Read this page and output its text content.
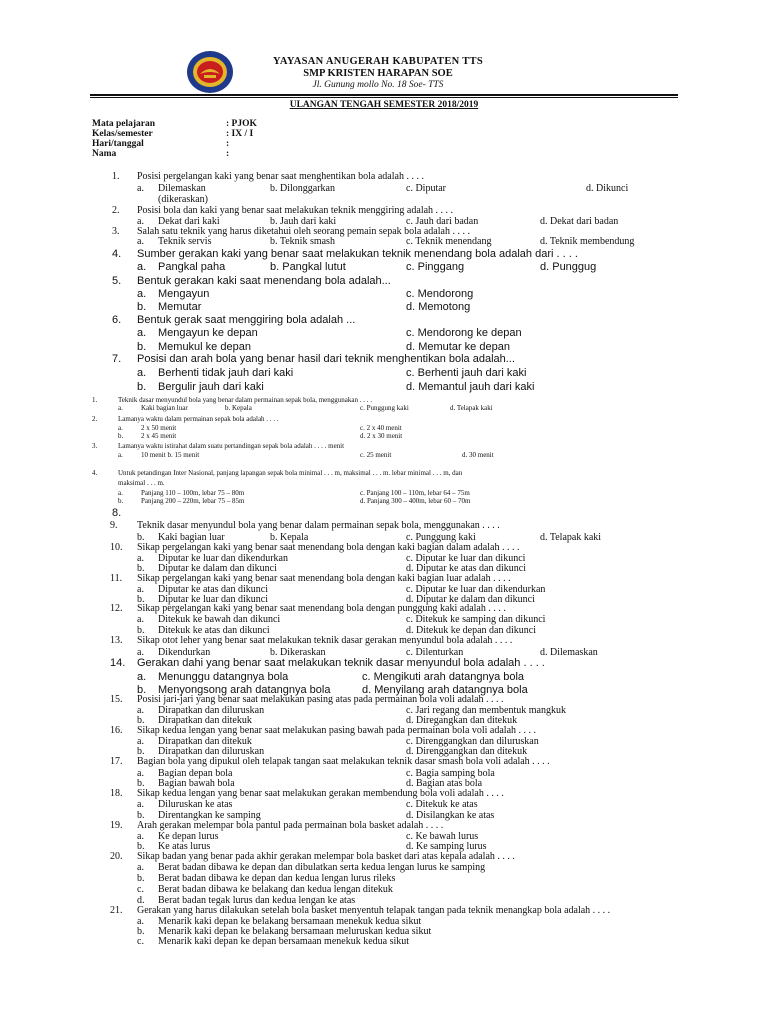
YAYASAN ANUGERAH KABUPATEN TTS
SMP KRISTEN HARAPAN SOE
Jl. Gunung mollo No. 18 Soe- TTS
ULANGAN TENGAH SEMESTER 2018/2019
Mata pelajaran	: PJOK
Kelas/semester	: IX / I
Hari/tanggal	:
Nama	:
1. Posisi pergelangan kaki yang benar saat menghentikan bola adalah . . . .
a. Dilemaskan	b. Dilonggarkan	c. Diputar	d. Dikunci
(dikeraskan)
2. Posisi bola dan kaki yang benar saat melakukan teknik menggiring adalah . . . .
a. Dekat dari kaki	b. Jauh dari kaki	c. Jauh dari badan	d. Dekat dari badan
3. Salah satu teknik yang harus diketahui oleh seorang pemain sepak bola adalah . . . .
a. Teknik servis	b. Teknik smash	c. Teknik menendang	d. Teknik membendung
4. Sumber gerakan kaki yang benar saat melakukan teknik menendang bola adalah dari . . . .
a. Pangkal paha	b. Pangkal lutut	c. Pinggang	d. Punggug
5. Bentuk gerakan kaki saat menendang bola adalah...
a. Mengayun	c. Mendorong
b. Memutar	d. Memotong
6. Bentuk gerak saat menggiring bola adalah ...
a. Mengayun ke depan	c. Mendorong ke depan
b. Memukul ke depan	d. Memutar ke depan
7. Posisi dan arah bola yang benar hasil dari teknik menghentikan bola adalah...
a. Berhenti tidak jauh dari kaki	c. Berhenti jauh dari kaki
b. Bergulir jauh dari kaki	d. Memantul jauh dari kaki
1.	Teknik dasar menyundul bola yang benar dalam permainan sepak bola, menggunakan . . . .
a.	Kaki bagian luar	b. Kepala	c. Punggung kaki	d. Telapak kaki
2.	Lamanya waktu dalam permainan sepak bola adalah . . . .
a.	2 x 50 menit	c. 2 x 40 menit
b.	2 x 45 menit	d. 2 x 30 menit
3.	Lamanya waktu istirahat dalam suatu pertandingan sepak bola adalah . . . . menit
a.	10 menit b. 15 menit	c. 25 menit	d. 30 menit
4.	Untuk petandingan Inter Nasional, panjang lapangan sepak bola minimal . . . m, maksimal . . . m. lebar minimal . . . m, dan
maksimal . . . m.
a.	Panjang 110 – 100m, lebar 75 – 80m	c. Panjang 100 – 110m, lebar 64 – 75m
b.	Panjang 200 – 220m, lebar 75 – 85m	d. Panjang 300 – 400m, lebar 60 – 70m
8.
9. Teknik dasar menyundul bola yang benar dalam permainan sepak bola, menggunakan . . . .
b. Kaki bagian luar	b. Kepala	c. Punggung kaki	d. Telapak kaki
10. Sikap pergelangan kaki yang benar saat menendang bola dengan kaki bagian dalam adalah . . . .
a. Diputar ke luar dan dikendurkan	c. Diputar ke luar dan dikunci
b. Diputar ke dalam dan dikunci	d. Diputar ke atas dan dikunci
11. Sikap pergelangan kaki yang benar saat menendang bola dengan kaki bagian luar adalah . . . .
a. Diputar ke atas dan dikunci	c. Diputar ke luar dan dikendurkan
b. Diputar ke luar dan dikunci	d. Diputar ke dalam dan dikunci
12. Sikap pergelangan kaki yang benar saat menendang bola dengan punggung kaki adalah . . . .
a. Ditekuk ke bawah dan dikunci	c. Ditekuk ke samping dan dikunci
b. Ditekuk ke atas dan dikunci	d. Ditekuk ke depan dan dikunci
13. Sikap otot leher yang benar saat melakukan teknik dasar gerakan menyundul bola adalah . . . .
a. Dikendurkan	b. Dikeraskan	c. Dilenturkan	d. Dilemaskan
14. Gerakan dahi yang benar saat melakukan teknik dasar menyundul bola adalah . . . .
a. Menunggu datangnya bola	c. Mengikuti arah datangnya bola
b. Menyongsong arah datangnya bola	d. Menyilang arah datangnya bola
15. Posisi jari-jari yang benar saat melakukan pasing atas pada permainan bola voli adalah . . . .
a. Dirapatkan dan diluruskan	c. Jari regang dan membentuk mangkuk
b. Dirapatkan dan ditekuk	d. Diregangkan dan ditekuk
16. Sikap kedua lengan yang benar saat melakukan pasing bawah pada permainan bola voli adalah . . . .
a. Dirapatkan dan ditekuk	c. Direnggangkan dan diluruskan
b. Dirapatkan dan diluruskan	d. Direnggangkan dan ditekuk
17. Bagian bola yang dipukul oleh telapak tangan saat melakukan teknik dasar smash bola voli adalah . . . .
a. Bagian depan bola	c. Bagia samping bola
b. Bagian bawah bola	d. Bagian atas bola
18. Sikap kedua lengan yang benar saat melakukan gerakan membendung bola voli adalah . . . .
a. Diluruskan ke atas	c. Ditekuk ke atas
b. Direntangkan ke samping	d. Disilangkan ke atas
19. Arah gerakan melempar bola pantul pada permainan bola basket adalah . . . .
a. Ke depan lurus	c. Ke bawah lurus
b. Ke atas lurus	d. Ke samping lurus
20. Sikap badan yang benar pada akhir gerakan melempar bola basket dari atas kepala adalah . . . .
a. Berat badan dibawa ke depan dan dibulatkan serta kedua lengan lurus ke samping
b. Berat badan dibawa ke depan dan kedua lengan lurus rileks
c. Berat badan dibawa ke belakang dan kedua lengan ditekuk
d. Berat badan tegak lurus dan kedua lengan ke atas
21. Gerakan yang harus dilakukan setelah bola basket menyentuh telapak tangan pada teknik menangkap bola adalah . . . .
a. Menarik kaki depan ke belakang bersamaan menekuk kedua sikut
b. Menarik kaki depan ke belakang bersamaan meluruskan kedua sikut
c. Menarik kaki depan ke depan bersamaan menekuk kedua sikut
